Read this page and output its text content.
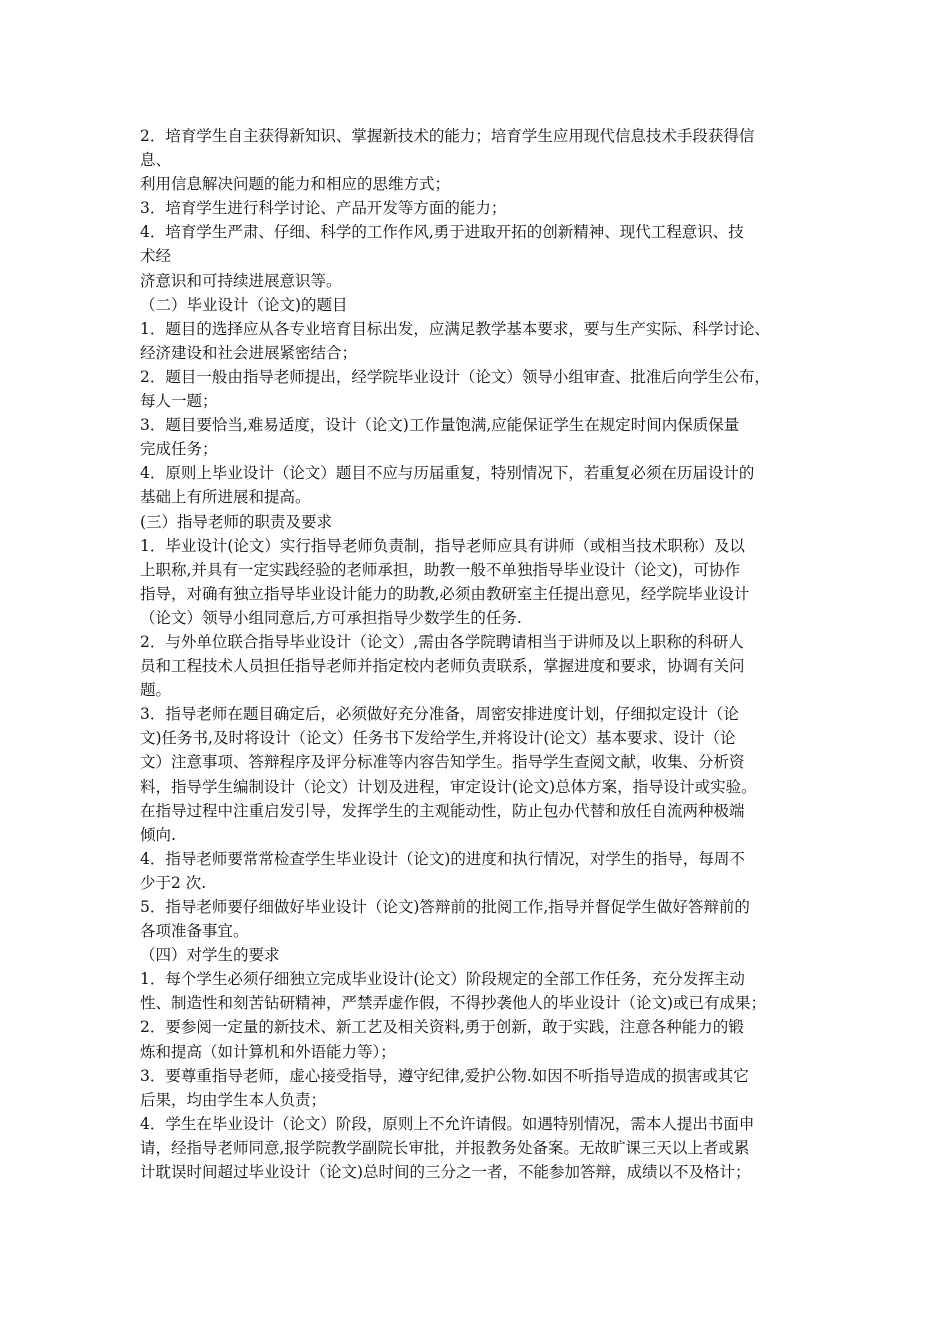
2．培育学生自主获得新知识、掌握新技术的能力；培育学生应用现代信息技术手段获得信
息、
利用信息解决问题的能力和相应的思维方式；
3．培育学生进行科学讨论、产品开发等方面的能力；
4．培育学生严肃、仔细、科学的工作作风,勇于进取开拓的创新精神、现代工程意识、技
术经
济意识和可持续进展意识等。
（二）毕业设计（论文)的题目
1．题目的选择应从各专业培育目标出发，应满足教学基本要求，要与生产实际、科学讨论、
经济建设和社会进展紧密结合；
2．题目一般由指导老师提出，经学院毕业设计（论文）领导小组审查、批准后向学生公布，
每人一题；
3．题目要恰当,难易适度，设计（论文)工作量饱满,应能保证学生在规定时间内保质保量
完成任务；
4．原则上毕业设计（论文）题目不应与历届重复，特别情况下，若重复必须在历届设计的
基础上有所进展和提高。
(三）指导老师的职责及要求
1．毕业设计(论文）实行指导老师负责制，指导老师应具有讲师（或相当技术职称）及以
上职称,并具有一定实践经验的老师承担，助教一般不单独指导毕业设计（论文)，可协作
指导，对确有独立指导毕业设计能力的助教,必须由教研室主任提出意见，经学院毕业设计
（论文）领导小组同意后,方可承担指导少数学生的任务.
2．与外单位联合指导毕业设计（论文）,需由各学院聘请相当于讲师及以上职称的科研人
员和工程技术人员担任指导老师并指定校内老师负责联系，掌握进度和要求，协调有关问
题。
3．指导老师在题目确定后，必须做好充分准备，周密安排进度计划，仔细拟定设计（论
文)任务书,及时将设计（论文）任务书下发给学生,并将设计(论文）基本要求、设计（论
文）注意事项、答辩程序及评分标准等内容告知学生。指导学生查阅文献，收集、分析资
料，指导学生编制设计（论文）计划及进程，审定设计(论文)总体方案，指导设计或实验。
在指导过程中注重启发引导，发挥学生的主观能动性，防止包办代替和放任自流两种极端
倾向.
4．指导老师要常常检查学生毕业设计（论文)的进度和执行情况，对学生的指导，每周不
少于2 次.
5．指导老师要仔细做好毕业设计（论文)答辩前的批阅工作,指导并督促学生做好答辩前的
各项准备事宜。
（四）对学生的要求
1．每个学生必须仔细独立完成毕业设计(论文）阶段规定的全部工作任务，充分发挥主动
性、制造性和刻苦钻研精神，严禁弄虚作假，不得抄袭他人的毕业设计（论文)或已有成果；
2．要参阅一定量的新技术、新工艺及相关资料,勇于创新，敢于实践，注意各种能力的锻
炼和提高（如计算机和外语能力等）；
3．要尊重指导老师，虚心接受指导，遵守纪律,爱护公物.如因不听指导造成的损害或其它
后果，均由学生本人负责；
4．学生在毕业设计（论文）阶段，原则上不允许请假。如遇特别情况，需本人提出书面申
请，经指导老师同意,报学院教学副院长审批，并报教务处备案。无故旷课三天以上者或累
计耽误时间超过毕业设计（论文)总时间的三分之一者，不能参加答辩，成绩以不及格计；
